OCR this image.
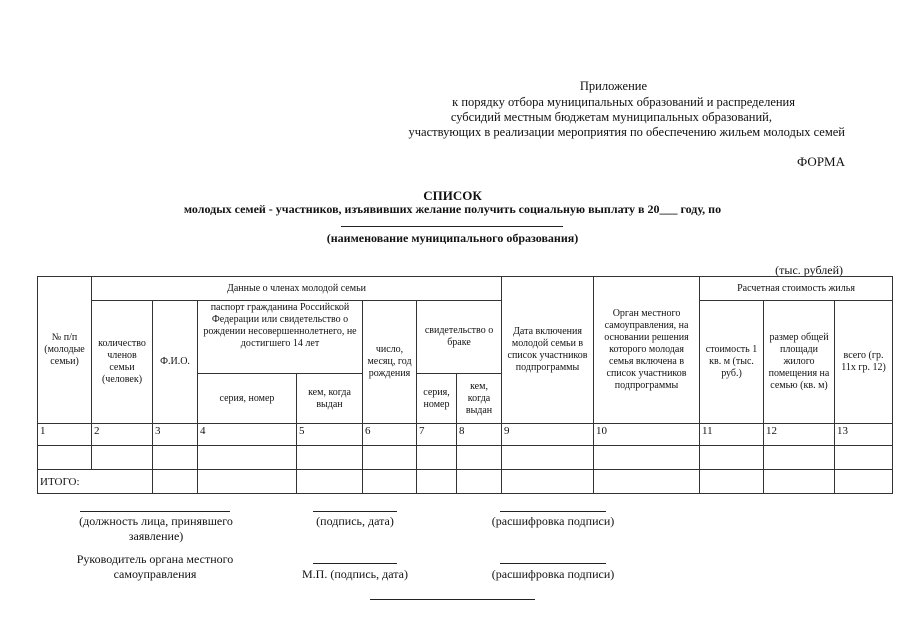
Приложение
к порядку отбора муниципальных образований и распределения
субсидий местным бюджетам муниципальных образований,
участвующих в реализации мероприятия по обеспечению жильем молодых семей
ФОРМА
СПИСОК
молодых семей - участников, изъявивших желание получить социальную выплату в 20___ году, по
(наименование муниципального образования)
(тыс. рублей)
№ п/п (молодые семьи)	Данные о членах молодой семьи							Дата включения молодой семьи в список участников подпрограммы	Орган местного самоуправления, на основании решения которого молодая семья включена в список участников подпрограммы	Расчетная стоимость жилья		
	количество членов семьи (человек)	Ф.И.О.	паспорт гражданина Российской Федерации или свидетельство о рождении несовершеннолетнего, не достигшего 14 лет		число, месяц, год рождения	свидетельство о браке				стоимость 1 кв. м (тыс. руб.)	размер общей площади жилого помещения на семью (кв. м)	всего (гр. 11х гр. 12)
			серия, номер	кем, когда выдан		серия, номер	кем, когда выдан					
1	2	3	4	5	6	7	8	9	10	11	12	13

ИТОГО:												
(должность лица, принявшего заявление)
(подпись, дата)	(расшифровка подписи)
Руководитель органа местного самоуправления	М.П. (подпись, дата)	(расшифровка подписи)
